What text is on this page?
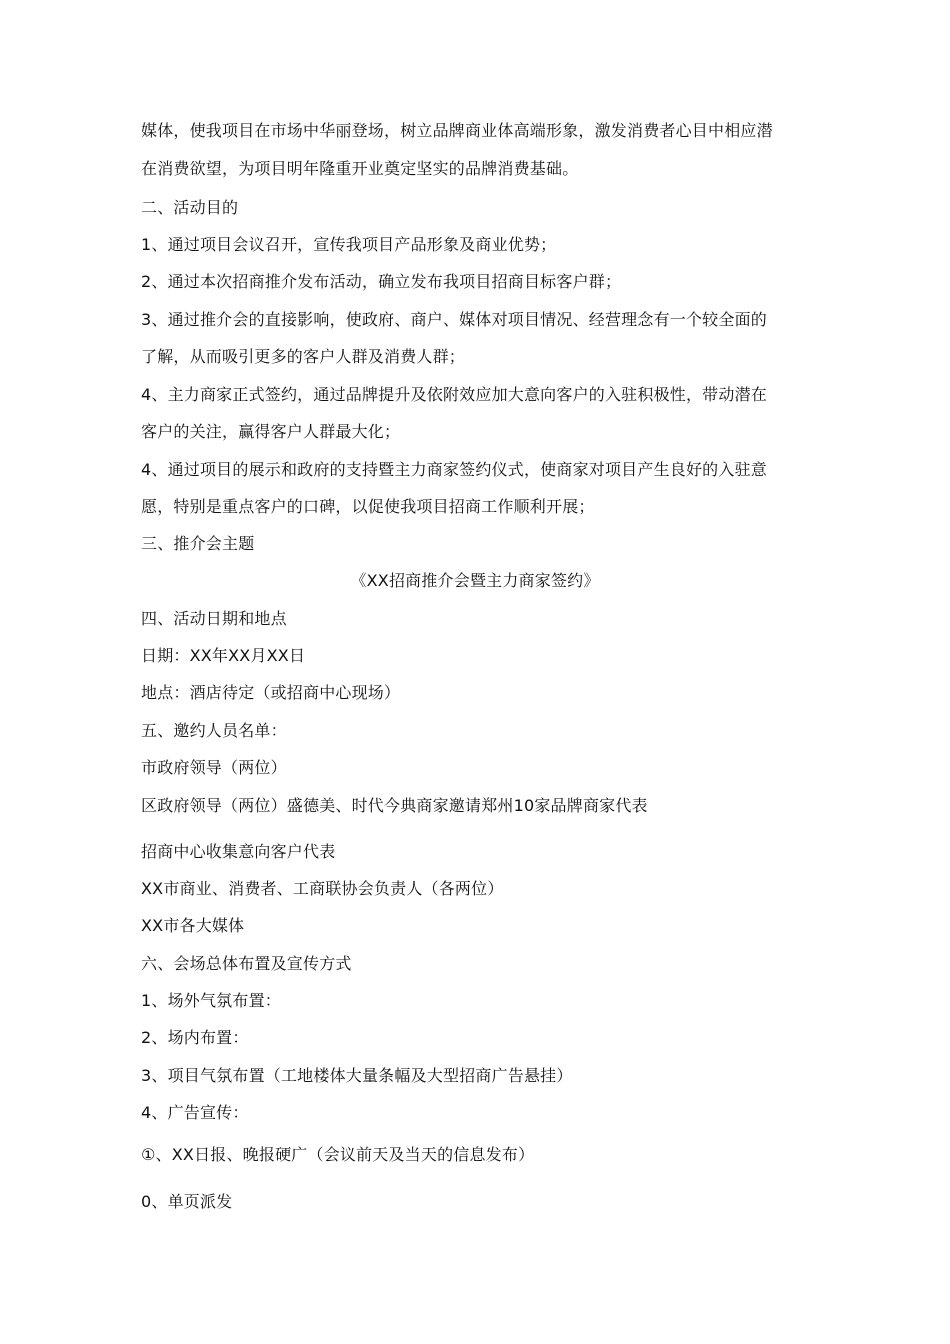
媒体，使我项目在市场中华丽登场，树立品牌商业体高端形象，激发消费者心目中相应潜
在消费欲望，为项目明年隆重开业奠定坚实的品牌消费基础。
二、活动目的
1、通过项目会议召开，宣传我项目产品形象及商业优势；
2、通过本次招商推介发布活动，确立发布我项目招商目标客户群；
3、通过推介会的直接影响，使政府、商户、媒体对项目情况、经营理念有一个较全面的
了解，从而吸引更多的客户人群及消费人群；
4、主力商家正式签约，通过品牌提升及依附效应加大意向客户的入驻积极性，带动潜在
客户的关注，赢得客户人群最大化；
4、通过项目的展示和政府的支持暨主力商家签约仪式，使商家对项目产生良好的入驻意
愿，特别是重点客户的口碑，以促使我项目招商工作顺利开展；
三、推介会主题
《XX招商推介会暨主力商家签约》
四、活动日期和地点
日期：XX年XX月XX日
地点：酒店待定（或招商中心现场）
五、邀约人员名单：
市政府领导（两位）
区政府领导（两位）盛德美、时代今典商家邀请郑州10家品牌商家代表
招商中心收集意向客户代表
XX市商业、消费者、工商联协会负责人（各两位）
XX市各大媒体
六、会场总体布置及宣传方式
1、场外气氛布置：
2、场内布置：
3、项目气氛布置（工地楼体大量条幅及大型招商广告悬挂）
4、广告宣传：
①、XX日报、晚报硬广（会议前天及当天的信息发布）
0、单页派发
